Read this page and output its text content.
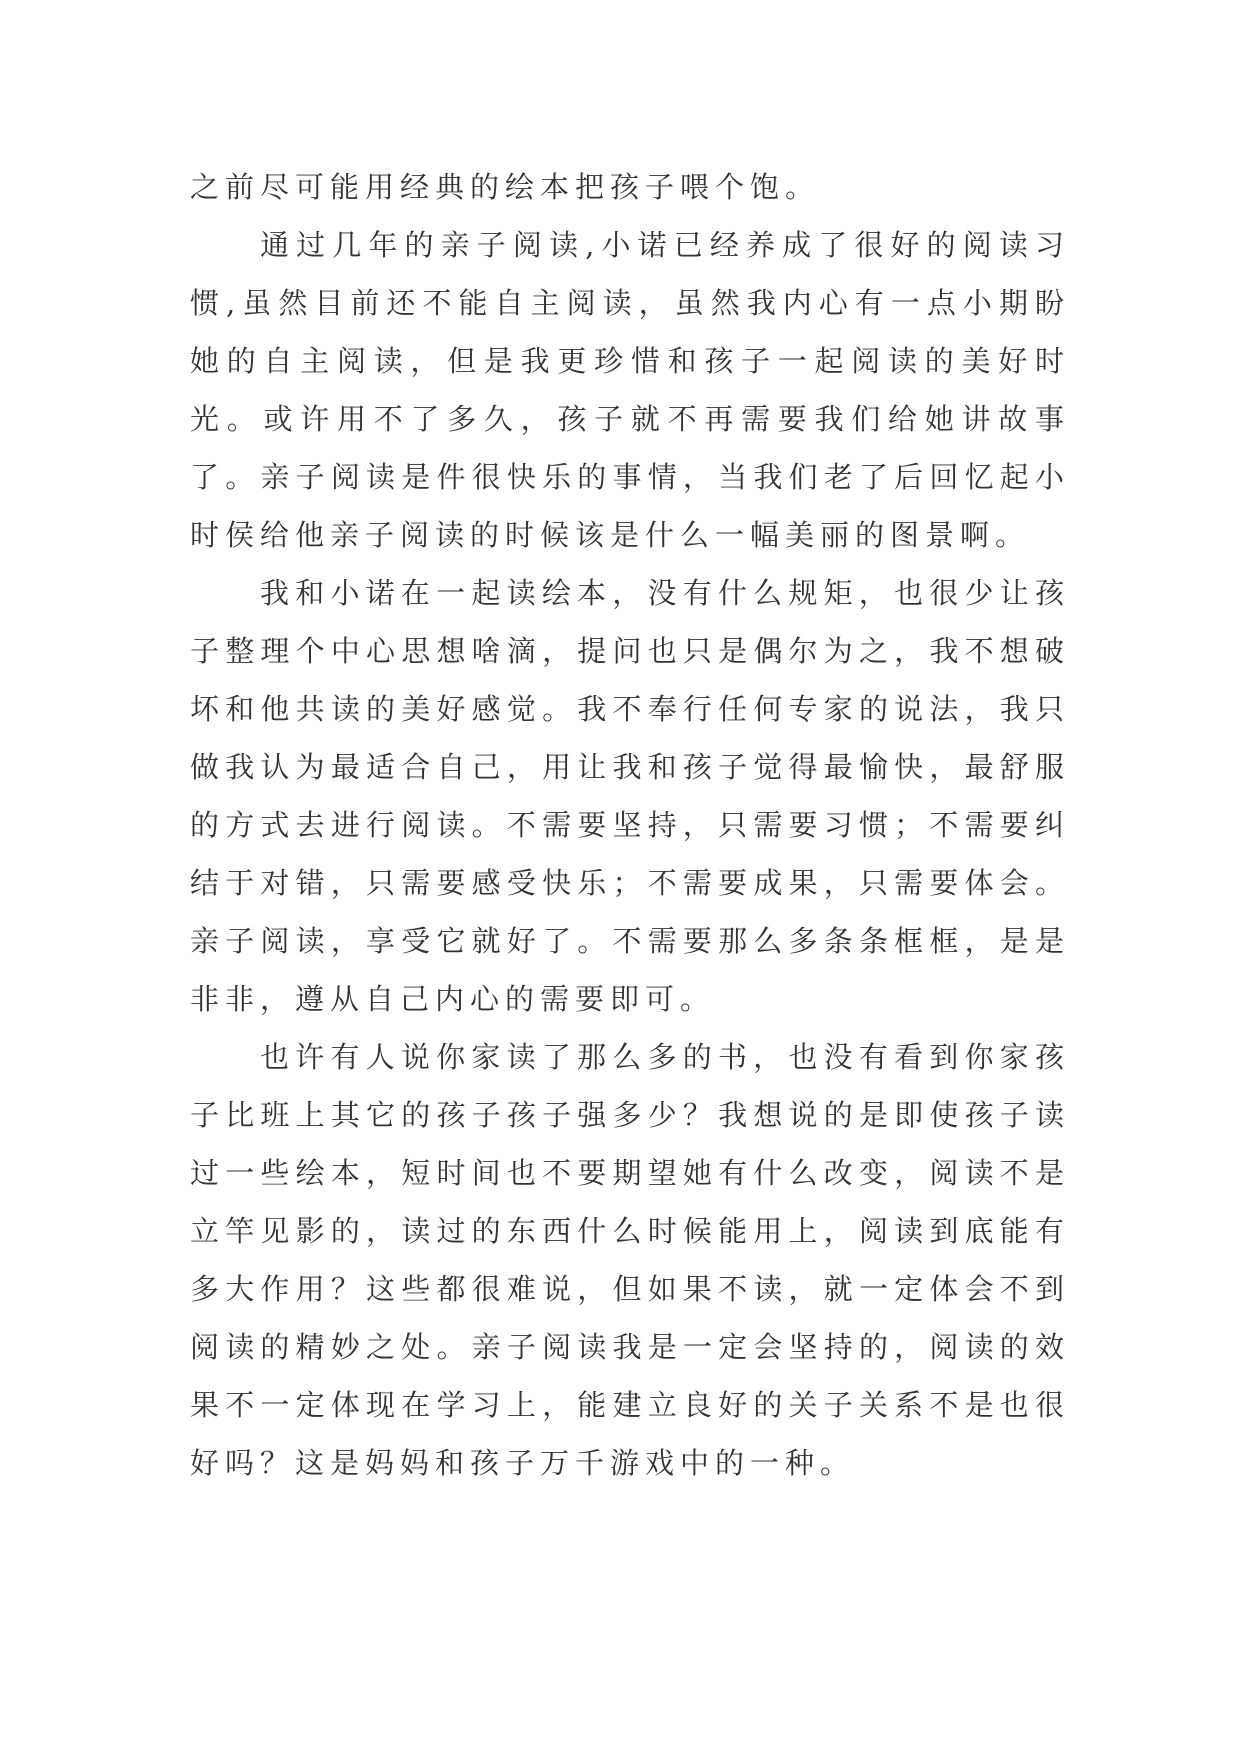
之前尽可能用经典的绘本把孩子喂个饱。

通过几年的亲子阅读,小诺已经养成了很好的阅读习惯,虽然目前还不能自主阅读，虽然我内心有一点小期盼她的自主阅读，但是我更珍惜和孩子一起阅读的美好时光。或许用不了多久，孩子就不再需要我们给她讲故事了。亲子阅读是件很快乐的事情，当我们老了后回忆起小时侯给他亲子阅读的时候该是什么一幅美丽的图景啊。

我和小诺在一起读绘本，没有什么规矩，也很少让孩子整理个中心思想啥滴，提问也只是偶尔为之，我不想破坏和他共读的美好感觉。我不奉行任何专家的说法，我只做我认为最适合自己，用让我和孩子觉得最愉快，最舒服的方式去进行阅读。不需要坚持，只需要习惯；不需要纠结于对错，只需要感受快乐；不需要成果，只需要体会。亲子阅读，享受它就好了。不需要那么多条条框框，是是非非，遵从自己内心的需要即可。

也许有人说你家读了那么多的书，也没有看到你家孩子比班上其它的孩子孩子强多少？我想说的是即使孩子读过一些绘本，短时间也不要期望她有什么改变，阅读不是立竿见影的，读过的东西什么时候能用上，阅读到底能有多大作用？这些都很难说，但如果不读，就一定体会不到阅读的精妙之处。亲子阅读我是一定会坚持的，阅读的效果不一定体现在学习上，能建立良好的关子关系不是也很好吗？这是妈妈和孩子万千游戏中的一种。
